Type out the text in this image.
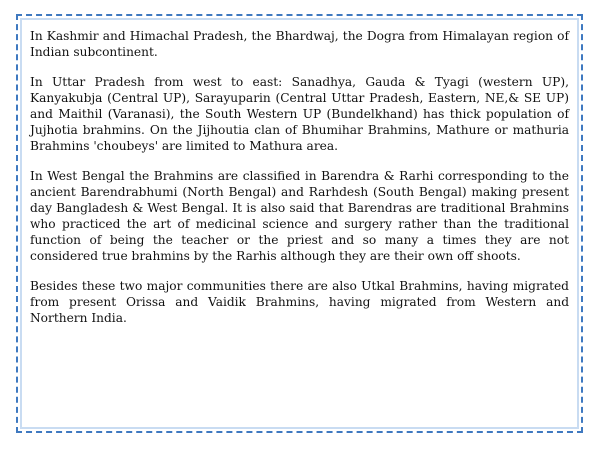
In Kashmir and Himachal Pradesh, the Bhardwaj, the Dogra from Himalayan region of Indian subcontinent.

In Uttar Pradesh from west to east: Sanadhya, Gauda & Tyagi (western UP), Kanyakubja (Central UP), Sarayuparin (Central Uttar Pradesh, Eastern, NE,& SE UP) and Maithil (Varanasi), the South Western UP (Bundelkhand) has thick population of Jujhotia brahmins. On the Jijhoutia clan of Bhumihar Brahmins, Mathure or mathuria Brahmins 'choubeys' are limited to Mathura area.

In West Bengal the Brahmins are classified in Barendra & Rarhi corresponding to the ancient Barendrabhumi (North Bengal) and Rarhdesh (South Bengal) making present day Bangladesh & West Bengal. It is also said that Barendras are traditional Brahmins who practiced the art of medicinal science and surgery rather than the traditional function of being the teacher or the priest and so many a times they are not considered true brahmins by the Rarhis although they are their own off shoots.

Besides these two major communities there are also Utkal Brahmins, having migrated from present Orissa and Vaidik Brahmins, having migrated from Western and Northern India.
